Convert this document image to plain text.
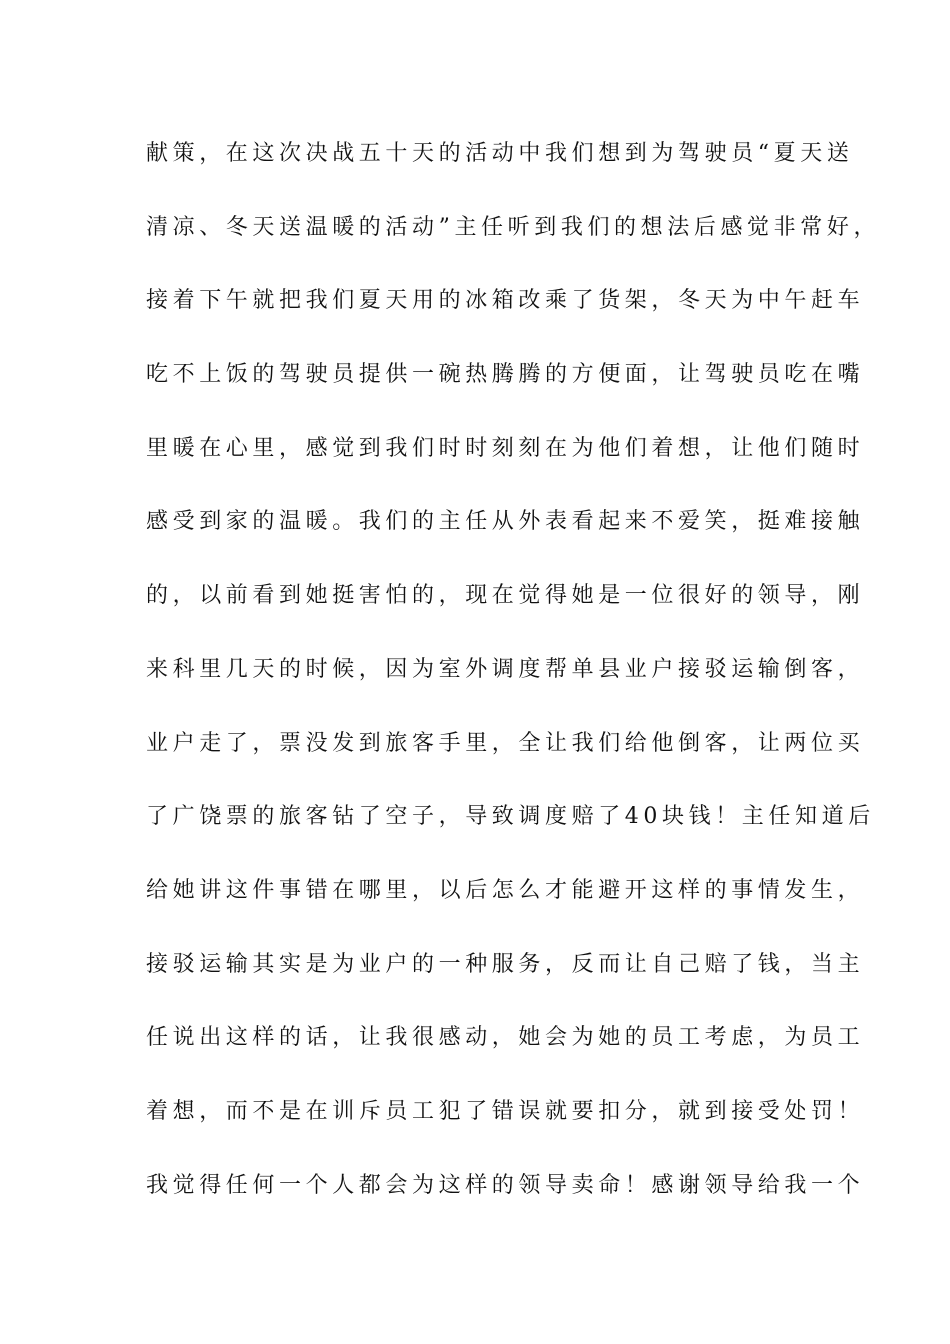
献策，在这次决战五十天的活动中我们想到为驾驶员“夏天送
清凉、冬天送温暖的活动”主任听到我们的想法后感觉非常好，
接着下午就把我们夏天用的冰箱改乘了货架，冬天为中午赶车
吃不上饭的驾驶员提供一碗热腾腾的方便面，让驾驶员吃在嘴
里暖在心里，感觉到我们时时刻刻在为他们着想，让他们随时
感受到家的温暖。我们的主任从外表看起来不爱笑，挺难接触
的，以前看到她挺害怕的，现在觉得她是一位很好的领导，刚
来科里几天的时候，因为室外调度帮单县业户接驳运输倒客，
业户走了，票没发到旅客手里，全让我们给他倒客，让两位买
了广饶票的旅客钻了空子，导致调度赔了40块钱！主任知道后
给她讲这件事错在哪里，以后怎么才能避开这样的事情发生，
接驳运输其实是为业户的一种服务，反而让自己赔了钱，当主
任说出这样的话，让我很感动，她会为她的员工考虑，为员工
着想，而不是在训斥员工犯了错误就要扣分，就到接受处罚！
我觉得任何一个人都会为这样的领导卖命！感谢领导给我一个
